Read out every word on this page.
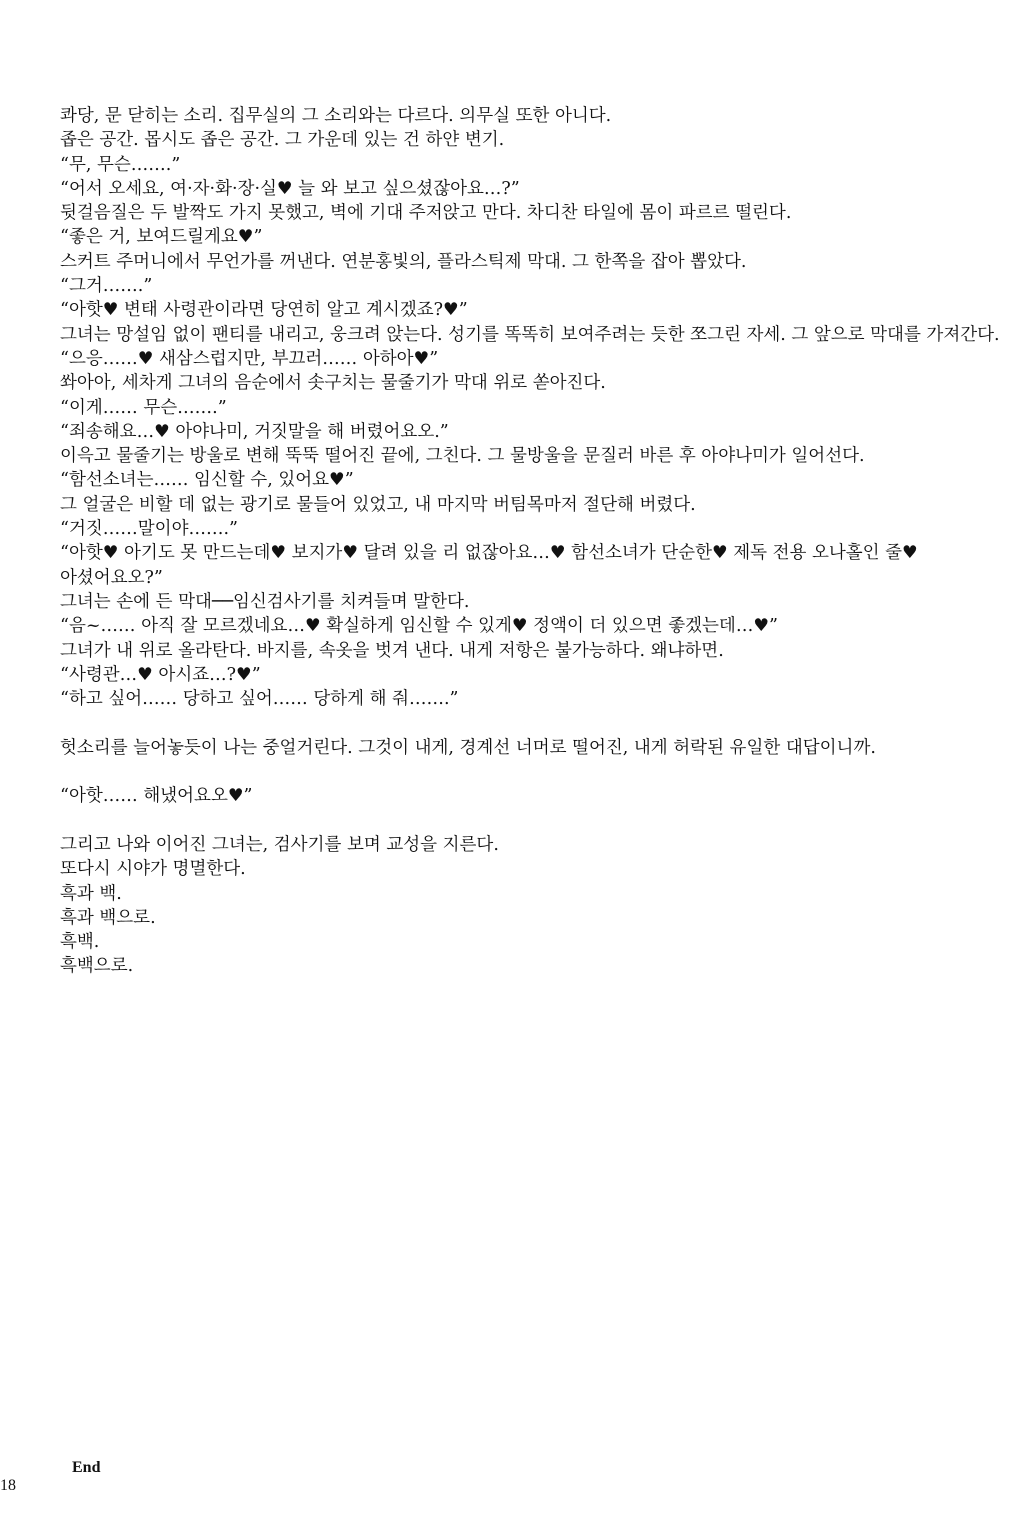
콰당, 문 닫히는 소리. 집무실의 그 소리와는 다르다. 의무실 또한 아니다.
좁은 공간. 몹시도 좁은 공간. 그 가운데 있는 건 하얀 변기.
“무, 무슨…….”
“어서 오세요, 여·자·화·장·실♥ 늘 와 보고 싶으셨잖아요…?”
뒷걸음질은 두 발짝도 가지 못했고, 벽에 기대 주저앉고 만다. 차디찬 타일에 몸이 파르르 떨린다.
“좋은 거, 보여드릴게요♥”
스커트 주머니에서 무언가를 꺼낸다. 연분홍빛의, 플라스틱제 막대. 그 한쪽을 잡아 뽑았다.
“그거…….”
“아핫♥ 변태 사령관이라면 당연히 알고 계시겠죠?♥”
그녀는 망설임 없이 팬티를 내리고, 웅크려 앉는다. 성기를 똑똑히 보여주려는 듯한 쪼그린 자세. 그 앞으로 막대를 가져간다.
“으응……♥ 새삼스럽지만, 부끄러…… 아하아♥”
쏴아아, 세차게 그녀의 음순에서 솟구치는 물줄기가 막대 위로 쏟아진다.
“이게…… 무슨…….”
“죄송해요…♥ 아야나미, 거짓말을 해 버렸어요오.”
이윽고 물줄기는 방울로 변해 뚝뚝 떨어진 끝에, 그친다. 그 물방울을 문질러 바른 후 아야나미가 일어선다.
“함선소녀는…… 임신할 수, 있어요♥”
그 얼굴은 비할 데 없는 광기로 물들어 있었고, 내 마지막 버팀목마저 절단해 버렸다.
“거짓……말이야…….”
“아핫♥ 아기도 못 만드는데♥ 보지가♥ 달려 있을 리 없잖아요…♥ 함선소녀가 단순한♥ 제독 전용 오나홀인 줄♥ 아셨어요오?”
그녀는 손에 든 막대──임신검사기를 치켜들며 말한다.
“음~…… 아직 잘 모르겠네요…♥ 확실하게 임신할 수 있게♥ 정액이 더 있으면 좋겠는데…♥”
그녀가 내 위로 올라탄다. 바지를, 속옷을 벗겨 낸다. 내게 저항은 불가능하다. 왜냐하면.
“사령관…♥ 아시죠…?♥”
“하고 싶어…… 당하고 싶어…… 당하게 해 줘…….”
헛소리를 늘어놓듯이 나는 중얼거린다. 그것이 내게, 경계선 너머로 떨어진, 내게 허락된 유일한 대답이니까.
“아핫…… 해냈어요오♥”
그리고 나와 이어진 그녀는, 검사기를 보며 교성을 지른다.
또다시 시야가 명멸한다.
흑과 백.
흑과 백으로.
흑백.
흑백으로.
End
18
